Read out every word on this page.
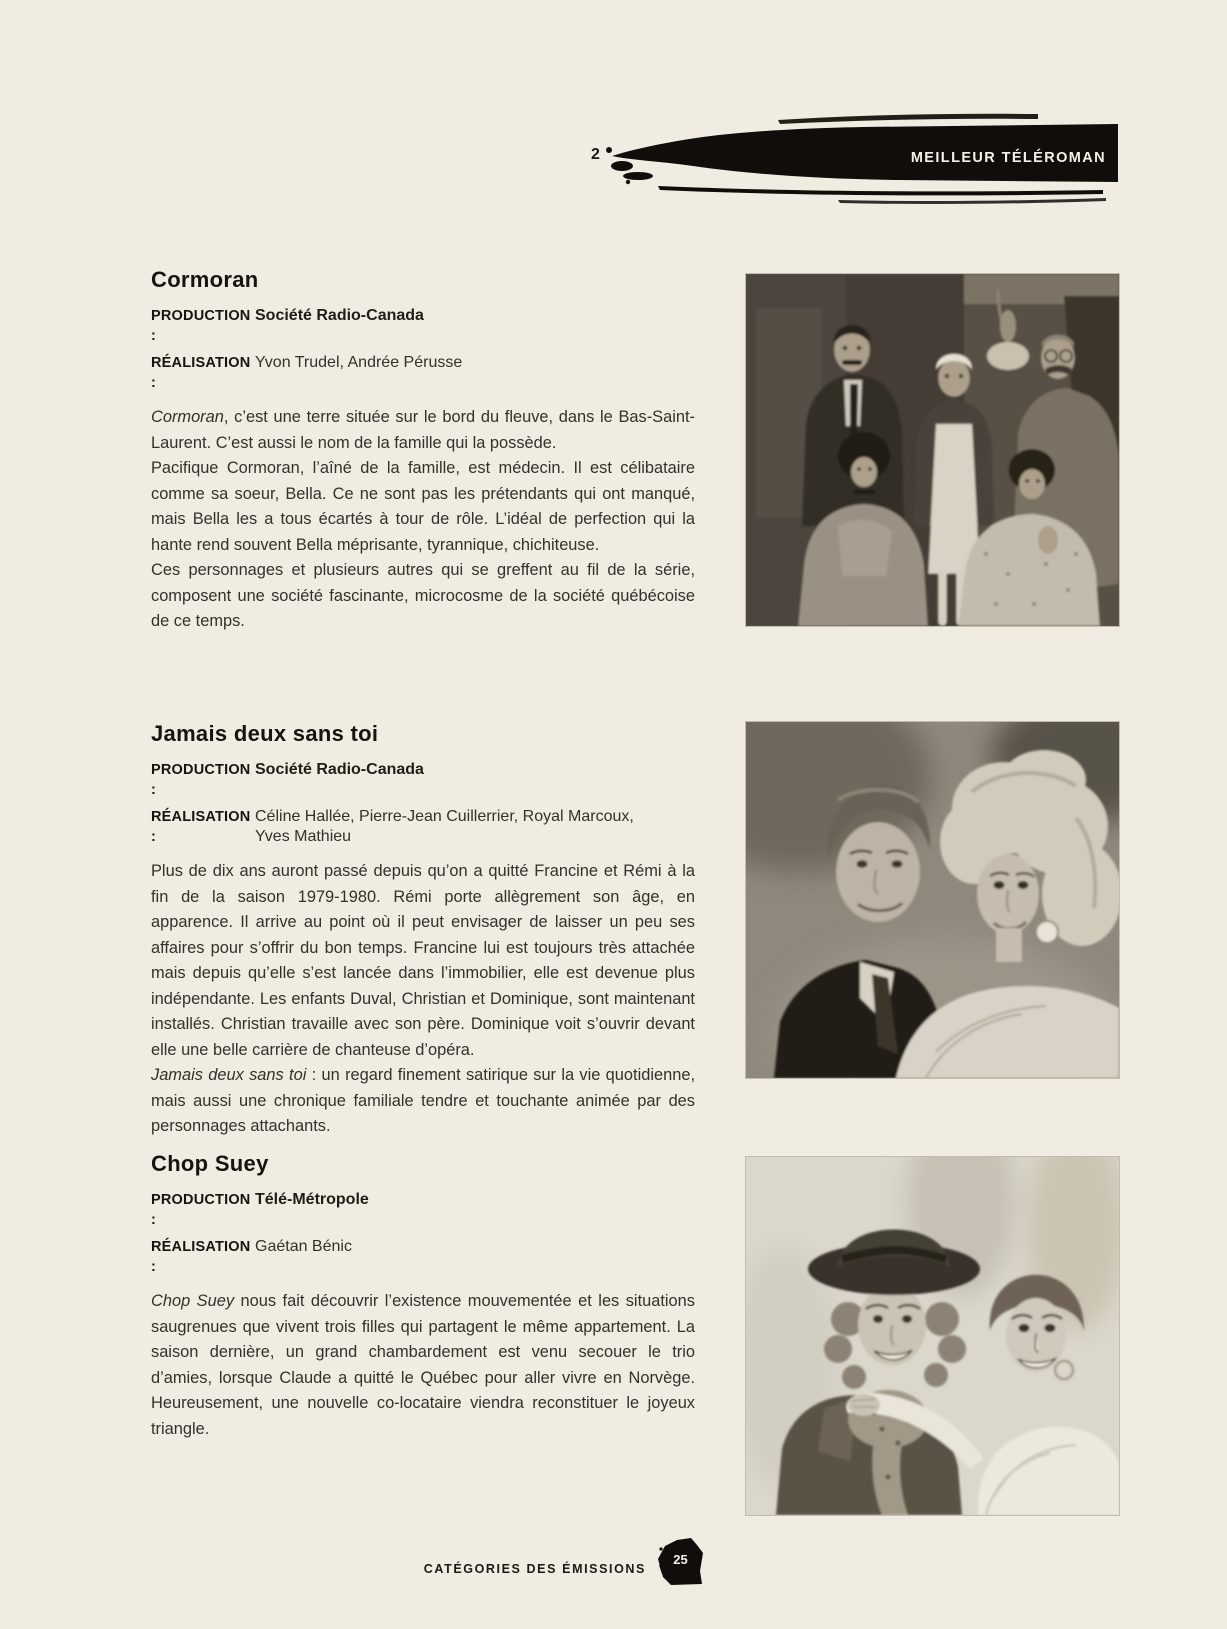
2	MEILLEUR TÉLÉROMAN
Cormoran
PRODUCTION :
Société Radio-Canada
RÉALISATION :
Yvon Trudel, Andrée Pérusse

Cormoran, c’est une terre située sur le bord du fleuve, dans le Bas-Saint-Laurent. C’est aussi le nom de la famille qui la possède.

Pacifique Cormoran, l’aîné de la famille, est médecin. Il est célibataire comme sa soeur, Bella. Ce ne sont pas les prétendants qui ont manqué, mais Bella les a tous écartés à tour de rôle. L’idéal de perfection qui la hante rend souvent Bella méprisante, tyrannique, chichiteuse.

Ces personnages et plusieurs autres qui se greffent au fil de la série, composent une société fascinante, microcosme de la société québécoise de ce temps.

Jamais deux sans toi
PRODUCTION :
Société Radio-Canada
RÉALISATION :
Céline Hallée, Pierre-Jean Cuillerrier, Royal Marcoux,
Yves Mathieu

Plus de dix ans auront passé depuis qu’on a quitté Francine et Rémi à la fin de la saison 1979-1980. Rémi porte allègrement son âge, en apparence. Il arrive au point où il peut envisager de laisser un peu ses affaires pour s’offrir du bon temps. Francine lui est toujours très attachée mais depuis qu’elle s’est lancée dans l’immobilier, elle est devenue plus indépendante. Les enfants Duval, Christian et Dominique, sont maintenant installés. Christian travaille avec son père. Dominique voit s’ouvrir devant elle une belle carrière de chanteuse d’opéra.

Jamais deux sans toi : un regard finement satirique sur la vie quotidienne, mais aussi une chronique familiale tendre et touchante animée par des personnages attachants.

Chop Suey
PRODUCTION :
Télé-Métropole
RÉALISATION :
Gaétan Bénic

Chop Suey nous fait découvrir l’existence mouvementée et les situations saugrenues que vivent trois filles qui partagent le même appartement. La saison dernière, un grand chambardement est venu secouer le trio d’amies, lorsque Claude a quitté le Québec pour aller vivre en Norvège. Heureusement, une nouvelle co-locataire viendra reconstituer le joyeux triangle.

CATÉGORIES DES ÉMISSIONS
25
